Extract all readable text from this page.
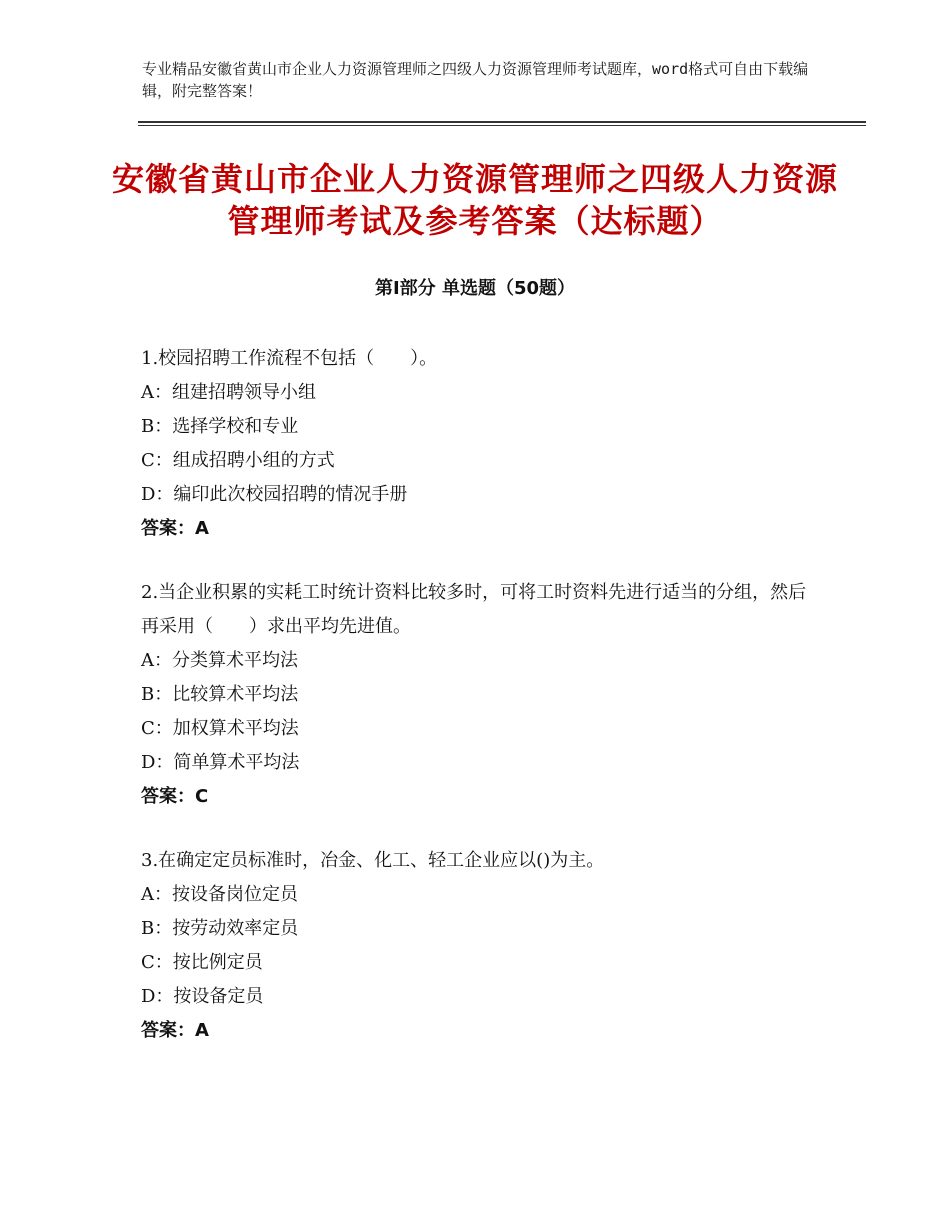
专业精品安徽省黄山市企业人力资源管理师之四级人力资源管理师考试题库，word格式可自由下载编辑，附完整答案！
安徽省黄山市企业人力资源管理师之四级人力资源管理师考试及参考答案（达标题）
第Ⅰ部分 单选题（50题）
1.校园招聘工作流程不包括（　　）。
A：组建招聘领导小组
B：选择学校和专业
C：组成招聘小组的方式
D：编印此次校园招聘的情况手册
答案：A
2.当企业积累的实耗工时统计资料比较多时，可将工时资料先进行适当的分组，然后再采用（　　）求出平均先进值。
A：分类算术平均法
B：比较算术平均法
C：加权算术平均法
D：简单算术平均法
答案：C
3.在确定定员标准时，冶金、化工、轻工企业应以()为主。
A：按设备岗位定员
B：按劳动效率定员
C：按比例定员
D：按设备定员
答案：A
